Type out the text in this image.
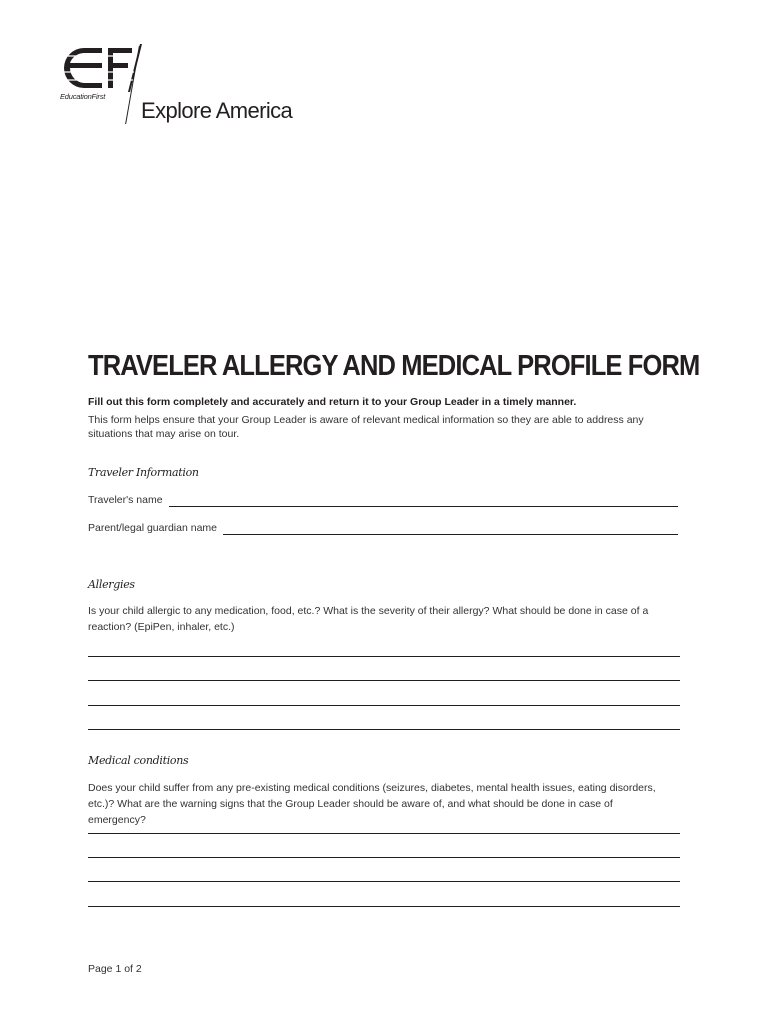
EducationFirst
Explore America
TRAVELER ALLERGY AND MEDICAL PROFILE FORM
Fill out this form completely and accurately and return it to your Group Leader in a timely manner.
This form helps ensure that your Group Leader is aware of relevant medical information so they are able to address any situations that may arise on tour.
Traveler Information
Traveler's name
Parent/legal guardian name
Allergies
Is your child allergic to any medication, food, etc.? What is the severity of their allergy? What should be done in case of a reaction? (EpiPen, inhaler, etc.)
Medical conditions
Does your child suffer from any pre-existing medical conditions (seizures, diabetes, mental health issues, eating disorders, etc.)? What are the warning signs that the Group Leader should be aware of, and what should be done in case of emergency?
Page 1 of 2
